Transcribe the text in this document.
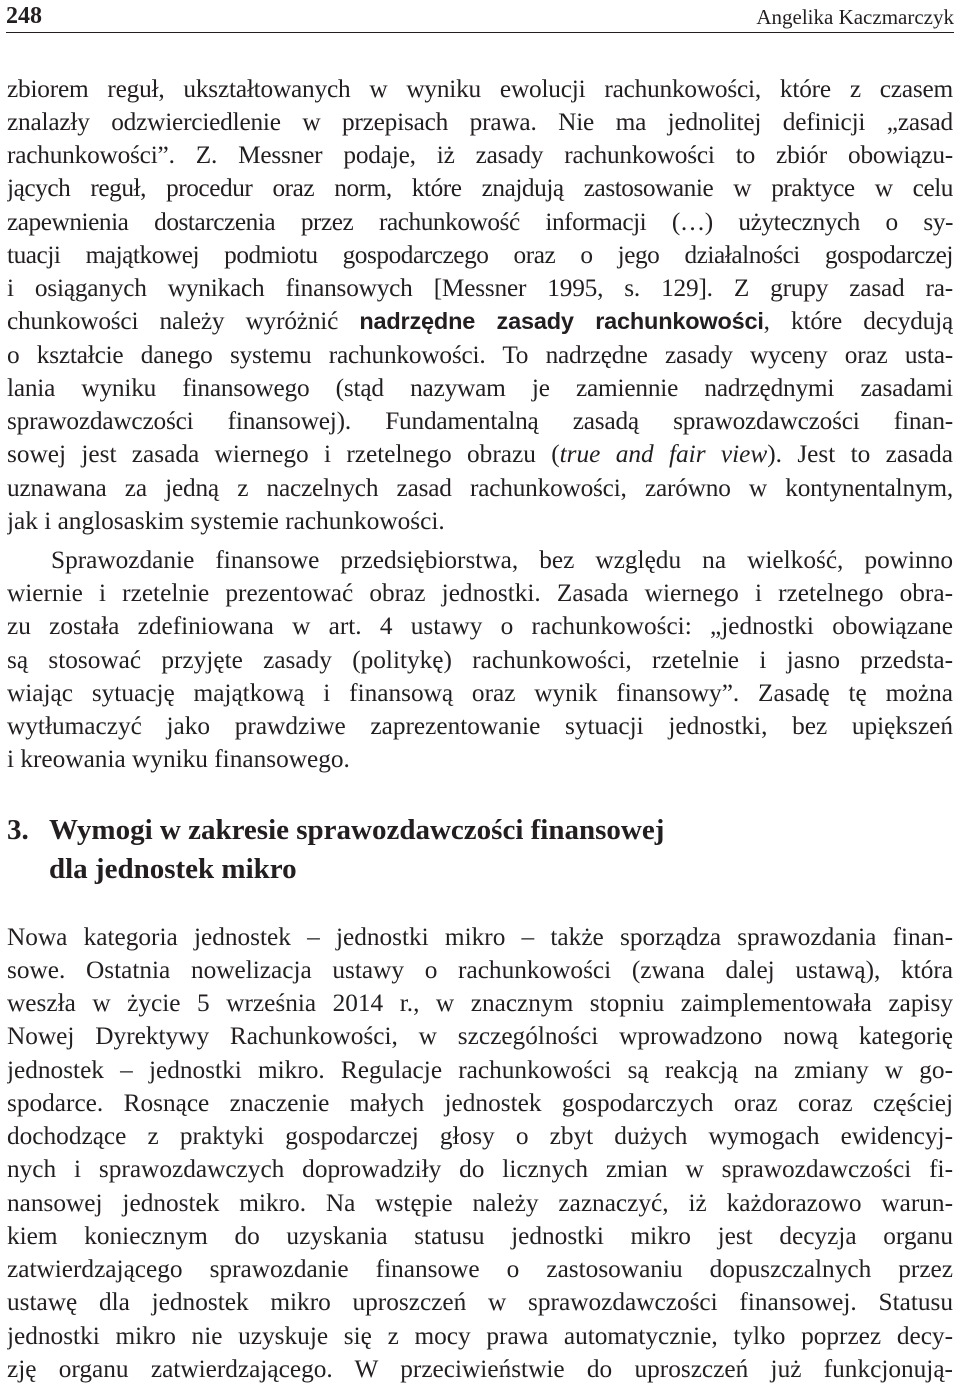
248	Angelika Kaczmarczyk
zbiorem reguł, ukształtowanych w wyniku ewolucji rachunkowości, które z czasem
znalazły odzwierciedlenie w przepisach prawa. Nie ma jednolitej definicji „zasad
rachunkowości”. Z. Messner podaje, iż zasady rachunkowości to zbiór obowiązu-
jących reguł, procedur oraz norm, które znajdują zastosowanie w praktyce w celu
zapewnienia dostarczenia przez rachunkowość informacji (…) użytecznych o sy-
tuacji majątkowej podmiotu gospodarczego oraz o jego działalności gospodarczej
i osiąganych wynikach finansowych [Messner 1995, s. 129]. Z grupy zasad ra-
chunkowości należy wyróżnić nadrzędne zasady rachunkowości, które decydują
o kształcie danego systemu rachunkowości. To nadrzędne zasady wyceny oraz usta-
lania wyniku finansowego (stąd nazywam je zamiennie nadrzędnymi zasadami
sprawozdawczości finansowej). Fundamentalną zasadą sprawozdawczości finan-
sowej jest zasada wiernego i rzetelnego obrazu (true and fair view). Jest to zasada
uznawana za jedną z naczelnych zasad rachunkowości, zarówno w kontynentalnym,
jak i anglosaskim systemie rachunkowości.
Sprawozdanie finansowe przedsiębiorstwa, bez względu na wielkość, powinno
wiernie i rzetelnie prezentować obraz jednostki. Zasada wiernego i rzetelnego obra-
zu została zdefiniowana w art. 4 ustawy o rachunkowości: „jednostki obowiązane
są stosować przyjęte zasady (politykę) rachunkowości, rzetelnie i jasno przedsta-
wiając sytuację majątkową i finansową oraz wynik finansowy”. Zasadę tę można
wytłumaczyć jako prawdziwe zaprezentowanie sytuacji jednostki, bez upiększeń
i kreowania wyniku finansowego.
Nowa kategoria jednostek – jednostki mikro – także sporządza sprawozdania finan-
sowe. Ostatnia nowelizacja ustawy o rachunkowości (zwana dalej ustawą), która
weszła w życie 5 września 2014 r., w znacznym stopniu zaimplementowała zapisy
Nowej Dyrektywy Rachunkowości, w szczególności wprowadzono nową kategorię
jednostek – jednostki mikro. Regulacje rachunkowości są reakcją na zmiany w go-
spodarce. Rosnące znaczenie małych jednostek gospodarczych oraz coraz częściej
dochodzące z praktyki gospodarczej głosy o zbyt dużych wymogach ewidencyj-
nych i sprawozdawczych doprowadziły do licznych zmian w sprawozdawczości fi-
nansowej jednostek mikro. Na wstępie należy zaznaczyć, iż każdorazowo warun-
kiem koniecznym do uzyskania statusu jednostki mikro jest decyzja organu
zatwierdzającego sprawozdanie finansowe o zastosowaniu dopuszczalnych przez
ustawę dla jednostek mikro uproszczeń w sprawozdawczości finansowej. Statusu
jednostki mikro nie uzyskuje się z mocy prawa automatycznie, tylko poprzez decy-
zję organu zatwierdzającego. W przeciwieństwie do uproszczeń już funkcjonują-
3. Wymogi w zakresie sprawozdawczości finansowej
dla jednostek mikro
